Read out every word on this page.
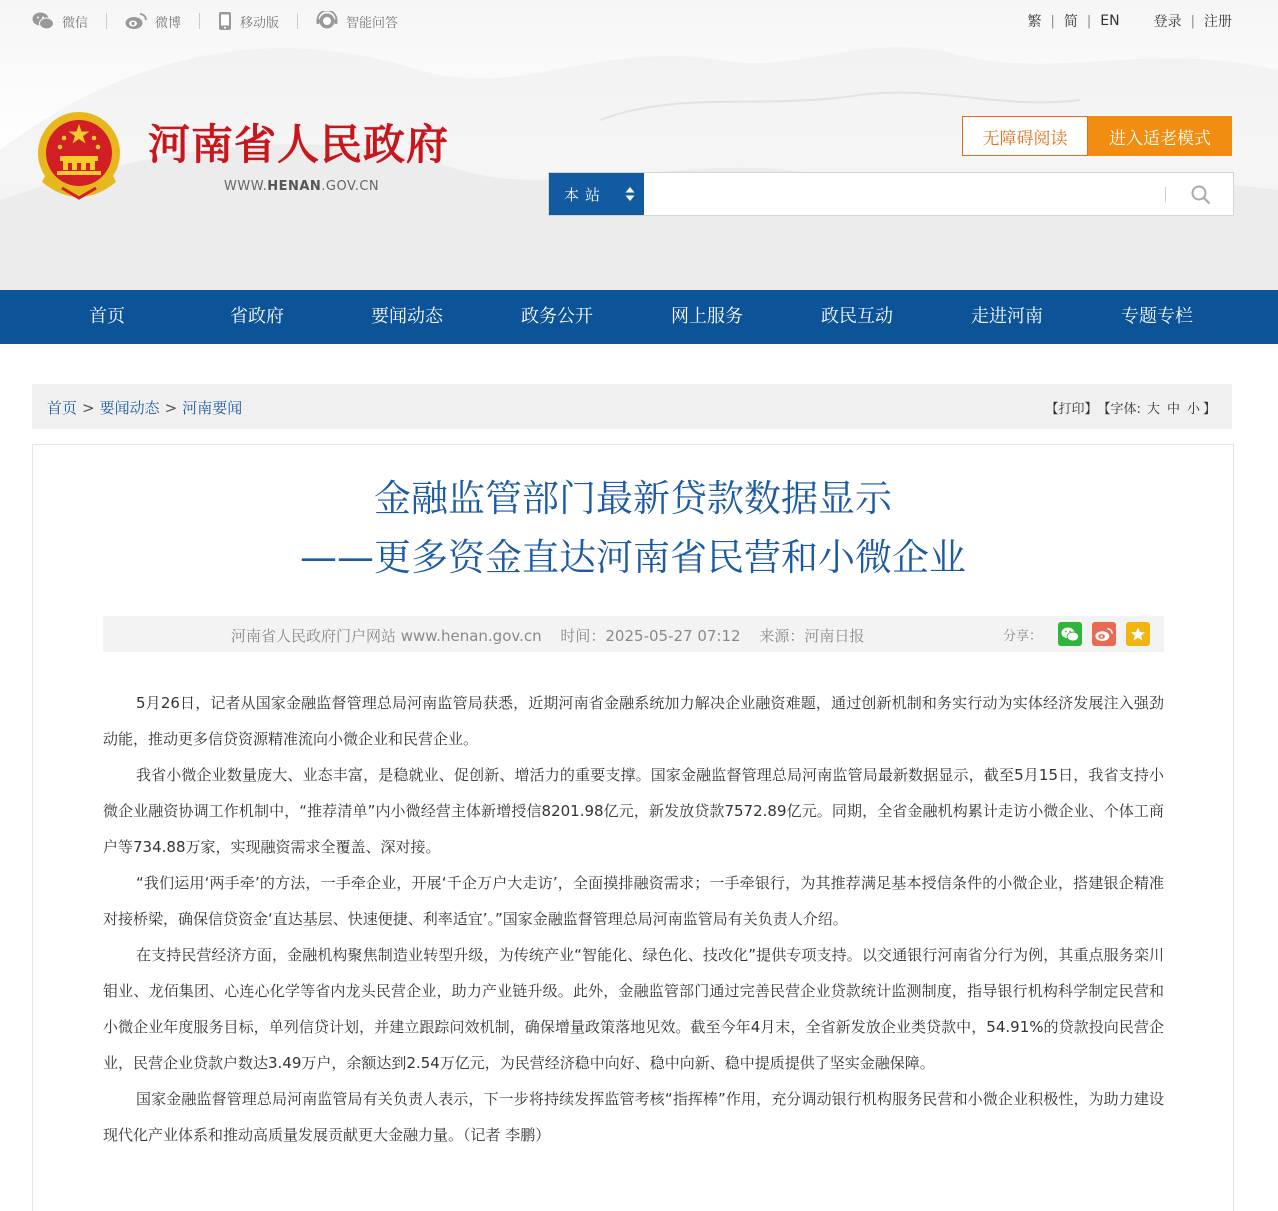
微信	微博	移动版	智能问答	繁 | 简 | EN 登录 | 注册
河南省人民政府
WWW.HENAN.GOV.CN
无障碍阅读	进入适老模式
本站
首页	省政府	要闻动态	政务公开	网上服务	政民互动	走进河南	专题专栏
首页 > 要闻动态 > 河南要闻	【打印】 【字体: 大 中 小 】
金融监管部门最新贷款数据显示
——更多资金直达河南省民营和小微企业
河南省人民政府门户网站 www.henan.gov.cn 时间：2025-05-27 07:12 来源：河南日报	分享：

5月26日，记者从国家金融监督管理总局河南监管局获悉，近期河南省金融系统加力解决企业融资难题，通过创新机制和务实行动为实体经济发展注入强劲动能，推动更多信贷资源精准流向小微企业和民营企业。

我省小微企业数量庞大、业态丰富，是稳就业、促创新、增活力的重要支撑。国家金融监督管理总局河南监管局最新数据显示，截至5月15日，我省支持小微企业融资协调工作机制中，“推荐清单”内小微经营主体新增授信8201.98亿元，新发放贷款7572.89亿元。同期，全省金融机构累计走访小微企业、个体工商户等734.88万家，实现融资需求全覆盖、深对接。

“我们运用‘两手牵’的方法，一手牵企业，开展‘千企万户大走访’，全面摸排融资需求；一手牵银行，为其推荐满足基本授信条件的小微企业，搭建银企精准对接桥梁，确保信贷资金‘直达基层、快速便捷、利率适宜’。”国家金融监督管理总局河南监管局有关负责人介绍。

在支持民营经济方面，金融机构聚焦制造业转型升级，为传统产业“智能化、绿色化、技改化”提供专项支持。以交通银行河南省分行为例，其重点服务栾川钼业、龙佰集团、心连心化学等省内龙头民营企业，助力产业链升级。此外，金融监管部门通过完善民营企业贷款统计监测制度，指导银行机构科学制定民营和小微企业年度服务目标，单列信贷计划，并建立跟踪问效机制，确保增量政策落地见效。截至今年4月末，全省新发放企业类贷款中，54.91%的贷款投向民营企业，民营企业贷款户数达3.49万户，余额达到2.54万亿元，为民营经济稳中向好、稳中向新、稳中提质提供了坚实金融保障。

国家金融监督管理总局河南监管局有关负责人表示，下一步将持续发挥监管考核“指挥棒”作用，充分调动银行机构服务民营和小微企业积极性，为助力建设现代化产业体系和推动高质量发展贡献更大金融力量。（记者 李鹏）
